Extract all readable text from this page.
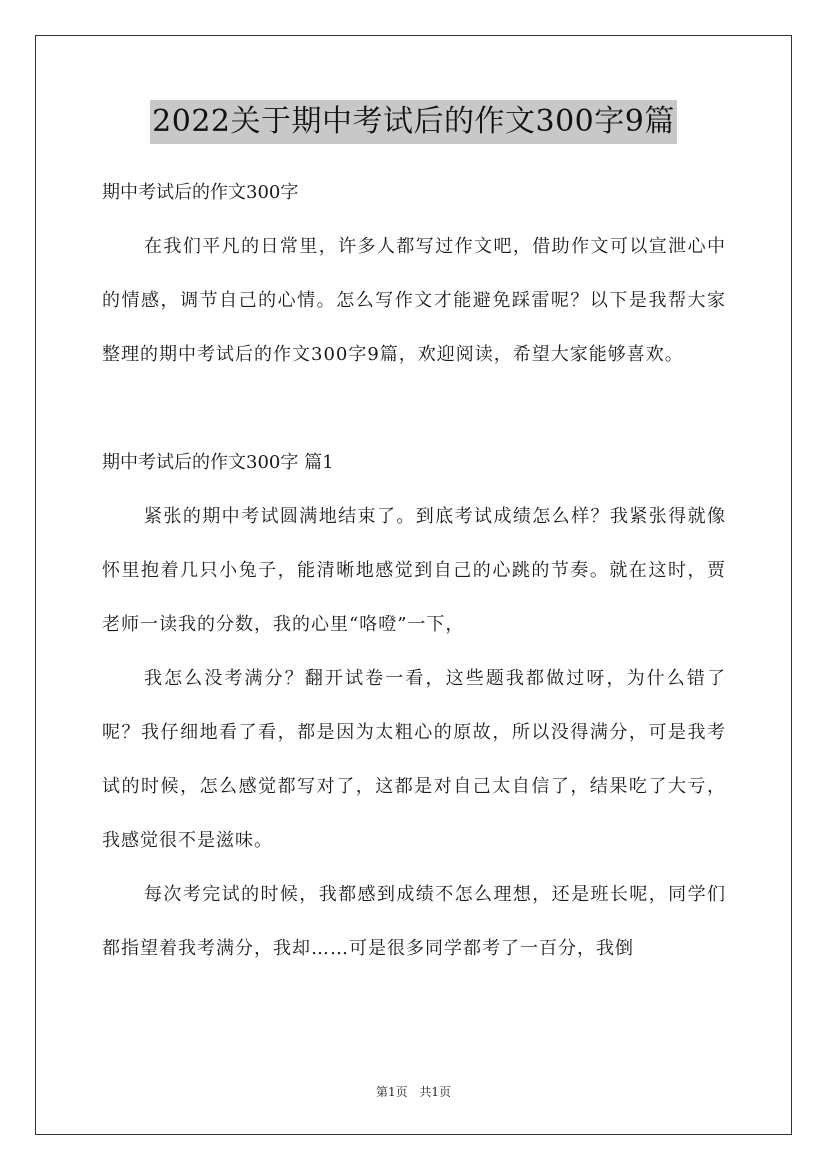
2022关于期中考试后的作文300字9篇

期中考试后的作文300字

在我们平凡的日常里，许多人都写过作文吧，借助作文可以宣泄心中的情感，调节自己的心情。怎么写作文才能避免踩雷呢？以下是我帮大家整理的期中考试后的作文300字9篇，欢迎阅读，希望大家能够喜欢。

期中考试后的作文300字 篇1

紧张的期中考试圆满地结束了。到底考试成绩怎么样？我紧张得就像怀里抱着几只小兔子，能清晰地感觉到自己的心跳的节奏。就在这时，贾老师一读我的分数，我的心里“咯噔”一下，

我怎么没考满分？翻开试卷一看，这些题我都做过呀，为什么错了呢？我仔细地看了看，都是因为太粗心的原故，所以没得满分，可是我考试的时候，怎么感觉都写对了，这都是对自己太自信了，结果吃了大亏，我感觉很不是滋味。

每次考完试的时候，我都感到成绩不怎么理想，还是班长呢，同学们都指望着我考满分，我却……可是很多同学都考了一百分，我倒

第1页 共1页
